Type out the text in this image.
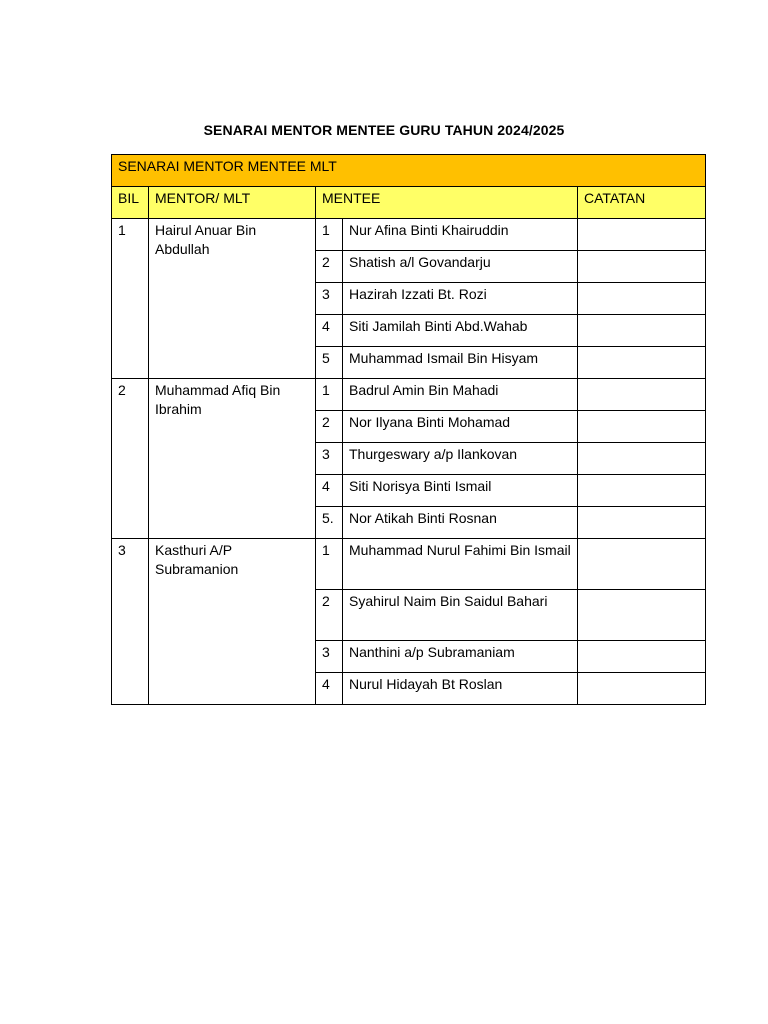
SENARAI MENTOR MENTEE GURU TAHUN 2024/2025
SENARAI MENTOR MENTEE MLT				
BIL	MENTOR/ MLT	MENTEE		CATATAN
1	Hairul Anuar Bin Abdullah	1	Nur Afina Binti Khairuddin	
		2	Shatish a/l Govandarju	
		3	Hazirah Izzati Bt. Rozi	
		4	Siti Jamilah Binti Abd.Wahab	
		5	Muhammad Ismail Bin Hisyam	
2	Muhammad Afiq Bin Ibrahim	1	Badrul Amin Bin Mahadi	
		2	Nor Ilyana Binti Mohamad	
		3	Thurgeswary a/p Ilankovan	
		4	Siti Norisya Binti Ismail	
		5.	Nor Atikah Binti Rosnan	
3	Kasthuri A/P Subramanion	1	Muhammad Nurul Fahimi Bin Ismail	
		2	Syahirul Naim Bin Saidul Bahari	
		3	Nanthini a/p Subramaniam	
		4	Nurul Hidayah Bt Roslan	
